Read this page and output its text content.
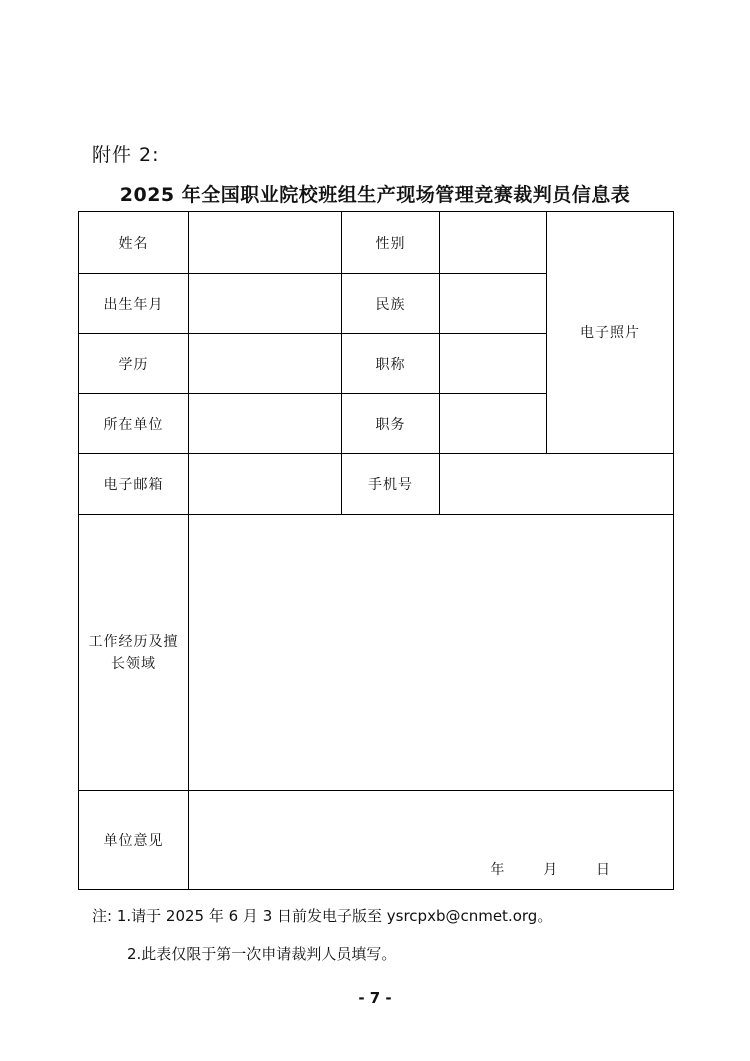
附件 2:
2025 年全国职业院校班组生产现场管理竞赛裁判员信息表
姓名		性别		电子照片
出生年月		民族		
学历		职称		
所在单位		职务		
电子邮箱		手机号		
工作经历及擅
长领域				
单位意见	年    月    日			
注: 1.请于 2025 年 6 月 3 日前发电子版至 ysrcpxb@cnmet.org。
2.此表仅限于第一次申请裁判人员填写。
- 7 -
